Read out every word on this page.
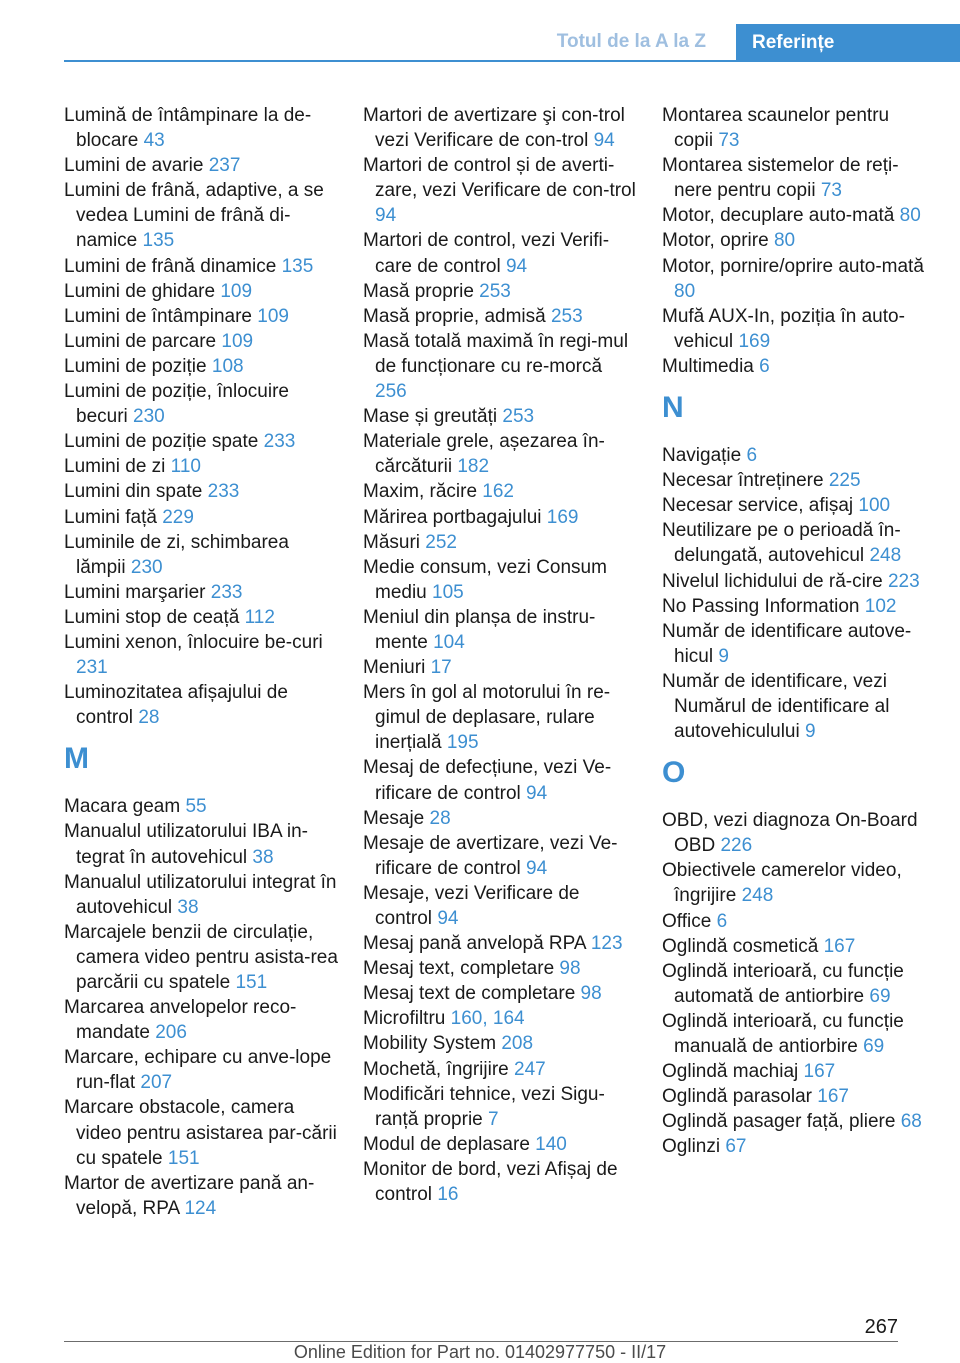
Totul de la A la Z	Referințe
Lumină de întâmpinare la de-blocare 43
Lumini de avarie 237
Lumini de frână, adaptive, a se vedea Lumini de frână di-namice 135
Lumini de frână dinamice 135
Lumini de ghidare 109
Lumini de întâmpinare 109
Lumini de parcare 109
Lumini de poziție 108
Lumini de poziție, înlocuire becuri 230
Lumini de poziție spate 233
Lumini de zi 110
Lumini din spate 233
Lumini față 229
Luminile de zi, schimbarea lămpii 230
Lumini marşarier 233
Lumini stop de ceață 112
Lumini xenon, înlocuire be-curi 231
Luminozitatea afișajului de control 28
M
Macara geam 55
Manualul utilizatorului IBA in-tegrat în autovehicul 38
Manualul utilizatorului integrat în autovehicul 38
Marcajele benzii de circulație, camera video pentru asista-rea parcării cu spatele 151
Marcarea anvelopelor reco-mandate 206
Marcare, echipare cu anve-lope run-flat 207
Marcare obstacole, camera video pentru asistarea par-cării cu spatele 151
Martor de avertizare pană an-velopă, RPA 124
Martori de avertizare şi con-trol vezi Verificare de con-trol 94
Martori de control și de averti-zare, vezi Verificare de con-trol 94
Martori de control, vezi Verifi-care de control 94
Masă proprie 253
Masă proprie, admisă 253
Masă totală maximă în regi-mul de funcționare cu re-morcă 256
Mase și greutăți 253
Materiale grele, așezarea în-cărcăturii 182
Maxim, răcire 162
Mărirea portbagajului 169
Măsuri 252
Medie consum, vezi Consum mediu 105
Meniul din planșa de instru-mente 104
Meniuri 17
Mers în gol al motorului în re-gimul de deplasare, rulare inerțială 195
Mesaj de defecțiune, vezi Ve-rificare de control 94
Mesaje 28
Mesaje de avertizare, vezi Ve-rificare de control 94
Mesaje, vezi Verificare de control 94
Mesaj pană anvelopă RPA 123
Mesaj text, completare 98
Mesaj text de completare 98
Microfiltru 160, 164
Mobility System 208
Mochetă, îngrijire 247
Modificări tehnice, vezi Sigu-ranță proprie 7
Modul de deplasare 140
Monitor de bord, vezi Afișaj de control 16
Montarea scaunelor pentru copii 73
Montarea sistemelor de reți-nere pentru copii 73
Motor, decuplare auto-mată 80
Motor, oprire 80
Motor, pornire/oprire auto-mată 80
Mufă AUX-In, poziția în auto-vehicul 169
Multimedia 6
N
Navigație 6
Necesar întreținere 225
Necesar service, afișaj 100
Neutilizare pe o perioadă în-delungată, autovehicul 248
Nivelul lichidului de ră-cire 223
No Passing Information 102
Număr de identificare autove-hicul 9
Număr de identificare, vezi Numărul de identificare al autovehiculului 9
O
OBD, vezi diagnoza On-Board OBD 226
Obiectivele camerelor video, îngrijire 248
Office 6
Oglindă cosmetică 167
Oglindă interioară, cu funcție automată de antiorbire 69
Oglindă interioară, cu funcție manuală de antiorbire 69
Oglindă machiaj 167
Oglindă parasolar 167
Oglindă pasager față, pliere 68
Oglinzi 67
267
Online Edition for Part no. 01402977750 - II/17
